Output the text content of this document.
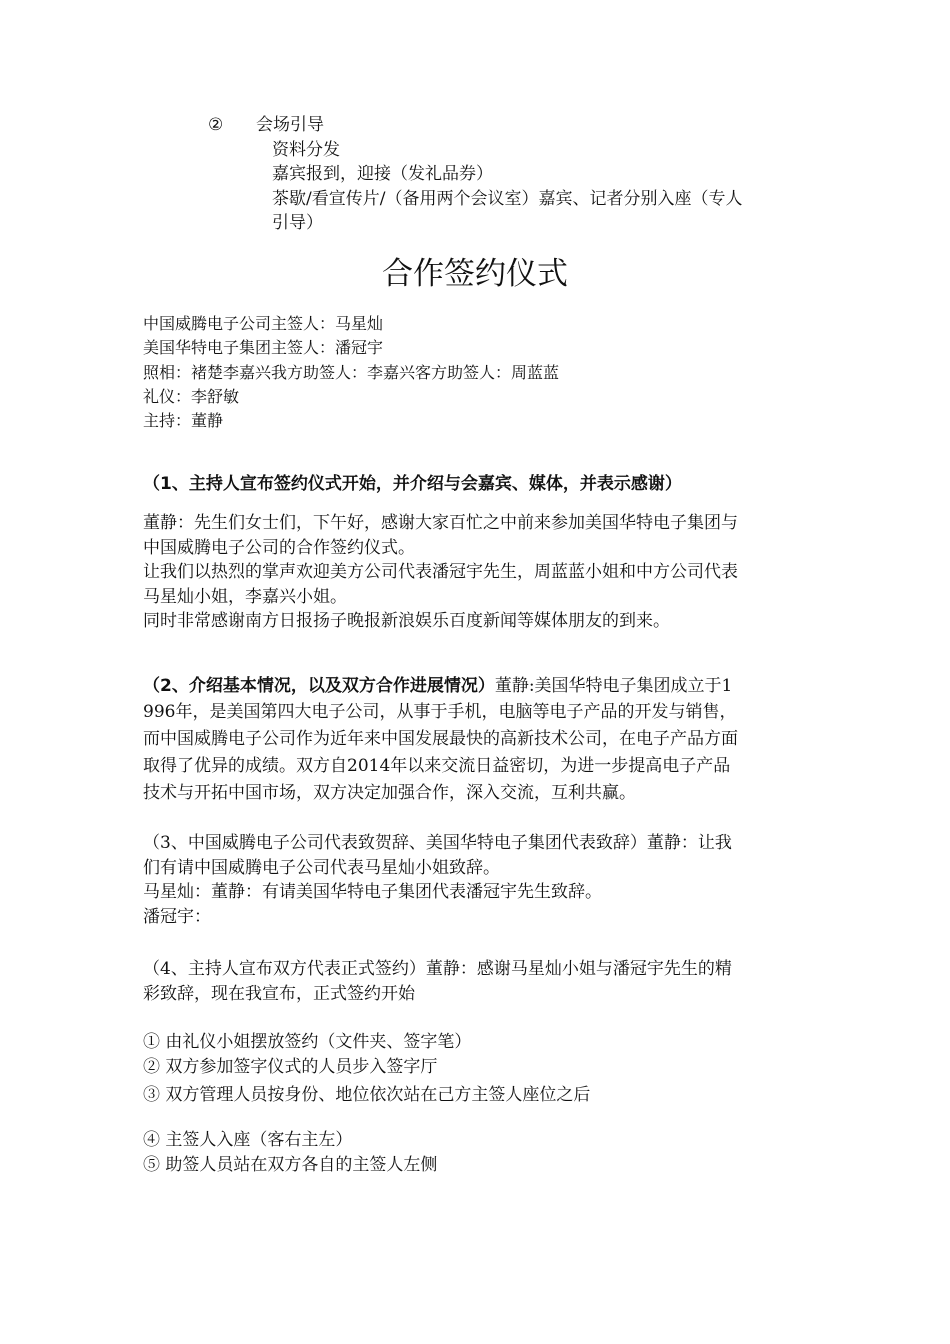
② 会场引导
资料分发
嘉宾报到，迎接（发礼品券）
茶歇/看宣传片/（备用两个会议室）嘉宾、记者分别入座（专人
引导）
合作签约仪式
中国威腾电子公司主签人：马星灿
美国华特电子集团主签人：潘冠宇
照相：褚楚李嘉兴我方助签人：李嘉兴客方助签人：周蓝蓝
礼仪：李舒敏
主持：董静
（1、主持人宣布签约仪式开始，并介绍与会嘉宾、媒体，并表示感谢）
董静：先生们女士们，下午好，感谢大家百忙之中前来参加美国华特电子集团与
中国威腾电子公司的合作签约仪式。
让我们以热烈的掌声欢迎美方公司代表潘冠宇先生，周蓝蓝小姐和中方公司代表
马星灿小姐，李嘉兴小姐。
同时非常感谢南方日报扬子晚报新浪娱乐百度新闻等媒体朋友的到来。
（2、介绍基本情况，以及双方合作进展情况）董静:美国华特电子集团成立于1
996年，是美国第四大电子公司，从事于手机，电脑等电子产品的开发与销售，
而中国威腾电子公司作为近年来中国发展最快的高新技术公司，在电子产品方面
取得了优异的成绩。双方自2014年以来交流日益密切，为进一步提高电子产品
技术与开拓中国市场，双方决定加强合作，深入交流，互利共赢。
（3、中国威腾电子公司代表致贺辞、美国华特电子集团代表致辞）董静：让我
们有请中国威腾电子公司代表马星灿小姐致辞。
马星灿：董静：有请美国华特电子集团代表潘冠宇先生致辞。
潘冠宇：
（4、主持人宣布双方代表正式签约）董静：感谢马星灿小姐与潘冠宇先生的精
彩致辞，现在我宣布，正式签约开始
① 由礼仪小姐摆放签约（文件夹、签字笔）
② 双方参加签字仪式的人员步入签字厅
③ 双方管理人员按身份、地位依次站在己方主签人座位之后
④ 主签人入座（客右主左）
⑤ 助签人员站在双方各自的主签人左侧
